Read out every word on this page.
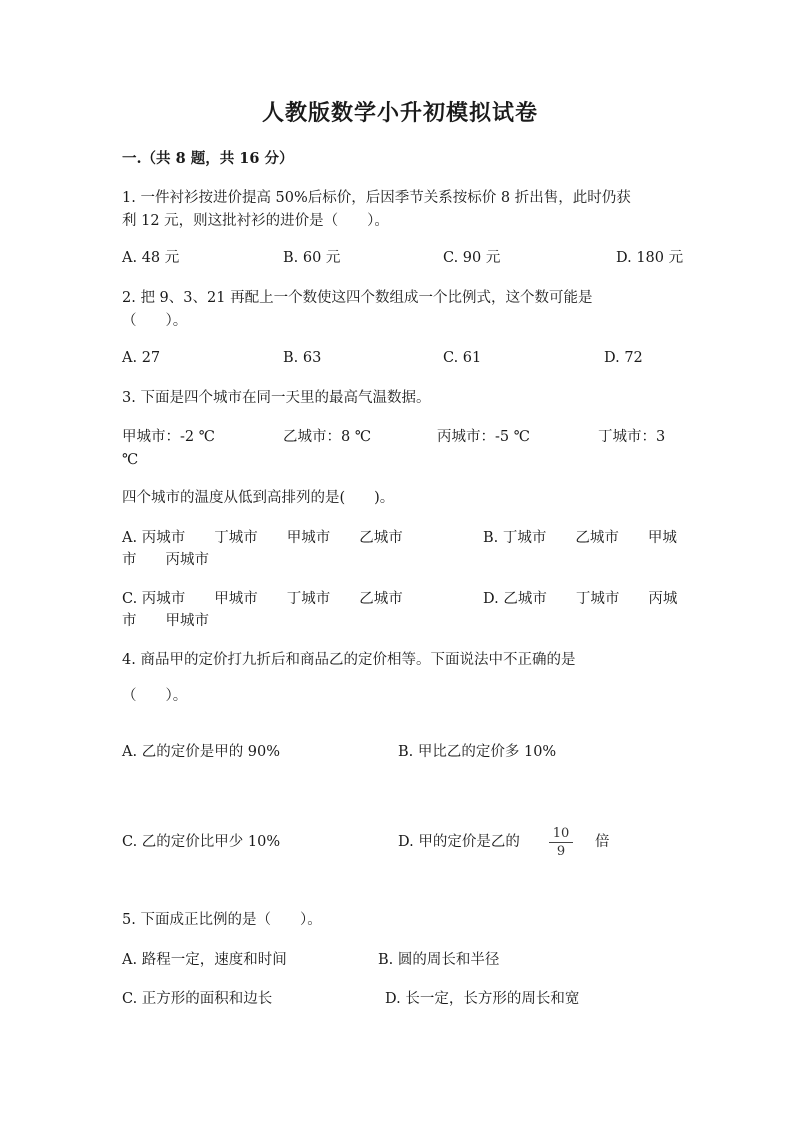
人教版数学小升初模拟试卷
一.（共 8 题，共 16 分）
1. 一件衬衫按进价提高 50%后标价，后因季节关系按标价 8 折出售，此时仍获
利 12 元，则这批衬衫的进价是（　　）。
A. 48 元	B. 60 元	C. 90 元	D. 180 元
2. 把 9、3、21 再配上一个数使这四个数组成一个比例式，这个数可能是
（　　）。
A. 27	B. 63	C. 61	D. 72
3. 下面是四个城市在同一天里的最高气温数据。
甲城市：-2 ℃	乙城市：8 ℃	丙城市：-5 ℃	丁城市：3
℃
四个城市的温度从低到高排列的是(　　)。
A. 丙城市　　丁城市　　甲城市　　乙城市	B. 丁城市　　乙城市　　甲城
市　　丙城市
C. 丙城市　　甲城市　　丁城市　　乙城市	D. 乙城市　　丁城市　　丙城
市　　甲城市
4. 商品甲的定价打九折后和商品乙的定价相等。下面说法中不正确的是
（　　）。
A. 乙的定价是甲的 90%	B. 甲比乙的定价多 10%
C. 乙的定价比甲少 10%	D. 甲的定价是乙的
10
9
倍
5. 下面成正比例的是（　　）。
A. 路程一定，速度和时间	B. 圆的周长和半径
C. 正方形的面积和边长	D. 长一定，长方形的周长和宽
